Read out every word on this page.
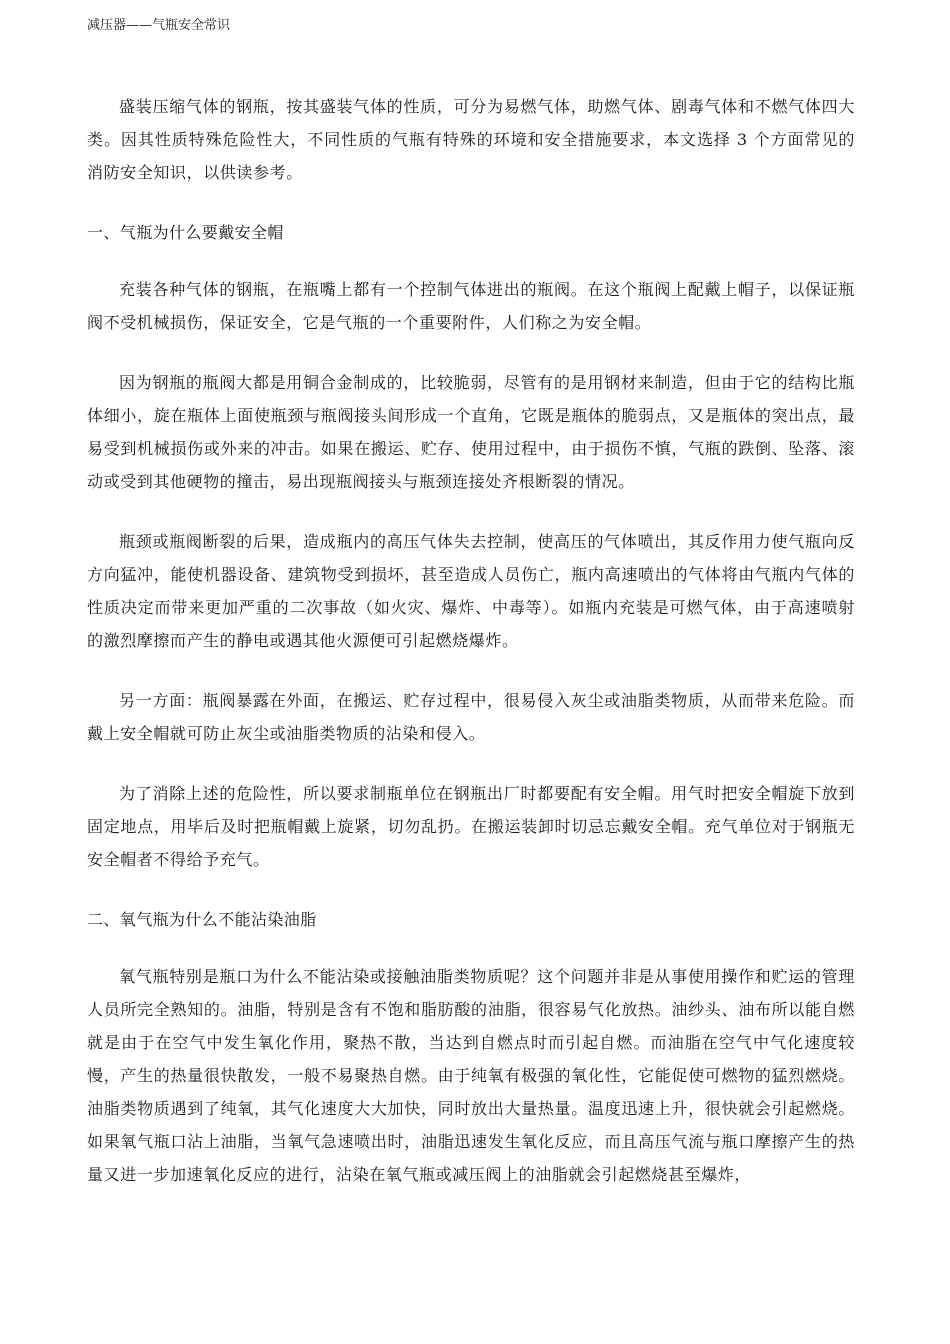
减压器——气瓶安全常识

盛装压缩气体的钢瓶，按其盛装气体的性质，可分为易燃气体，助燃气体、剧毒气体和不燃气体四大类。因其性质特殊危险性大，不同性质的气瓶有特殊的环境和安全措施要求，本文选择 3 个方面常见的消防安全知识，以供读参考。

一、气瓶为什么要戴安全帽

充装各种气体的钢瓶，在瓶嘴上都有一个控制气体进出的瓶阀。在这个瓶阀上配戴上帽子，以保证瓶阀不受机械损伤，保证安全，它是气瓶的一个重要附件，人们称之为安全帽。

因为钢瓶的瓶阀大都是用铜合金制成的，比较脆弱，尽管有的是用钢材来制造，但由于它的结构比瓶体细小，旋在瓶体上面使瓶颈与瓶阀接头间形成一个直角，它既是瓶体的脆弱点，又是瓶体的突出点，最易受到机械损伤或外来的冲击。如果在搬运、贮存、使用过程中，由于损伤不慎，气瓶的跌倒、坠落、滚动或受到其他硬物的撞击，易出现瓶阀接头与瓶颈连接处齐根断裂的情况。

瓶颈或瓶阀断裂的后果，造成瓶内的高压气体失去控制，使高压的气体喷出，其反作用力使气瓶向反方向猛冲，能使机器设备、建筑物受到损坏，甚至造成人员伤亡，瓶内高速喷出的气体将由气瓶内气体的性质决定而带来更加严重的二次事故（如火灾、爆炸、中毒等）。如瓶内充装是可燃气体，由于高速喷射的激烈摩擦而产生的静电或遇其他火源便可引起燃烧爆炸。

另一方面：瓶阀暴露在外面，在搬运、贮存过程中，很易侵入灰尘或油脂类物质，从而带来危险。而戴上安全帽就可防止灰尘或油脂类物质的沾染和侵入。

为了消除上述的危险性，所以要求制瓶单位在钢瓶出厂时都要配有安全帽。用气时把安全帽旋下放到固定地点，用毕后及时把瓶帽戴上旋紧，切勿乱扔。在搬运装卸时切忌忘戴安全帽。充气单位对于钢瓶无安全帽者不得给予充气。

二、氧气瓶为什么不能沾染油脂

氧气瓶特别是瓶口为什么不能沾染或接触油脂类物质呢？这个问题并非是从事使用操作和贮运的管理人员所完全熟知的。油脂，特别是含有不饱和脂肪酸的油脂，很容易气化放热。油纱头、油布所以能自燃就是由于在空气中发生氧化作用，聚热不散，当达到自燃点时而引起自燃。而油脂在空气中气化速度较慢，产生的热量很快散发，一般不易聚热自燃。由于纯氧有极强的氧化性，它能促使可燃物的猛烈燃烧。油脂类物质遇到了纯氧，其气化速度大大加快，同时放出大量热量。温度迅速上升，很快就会引起燃烧。如果氧气瓶口沾上油脂，当氧气急速喷出时，油脂迅速发生氧化反应，而且高压气流与瓶口摩擦产生的热量又进一步加速氧化反应的进行，沾染在氧气瓶或减压阀上的油脂就会引起燃烧甚至爆炸，
